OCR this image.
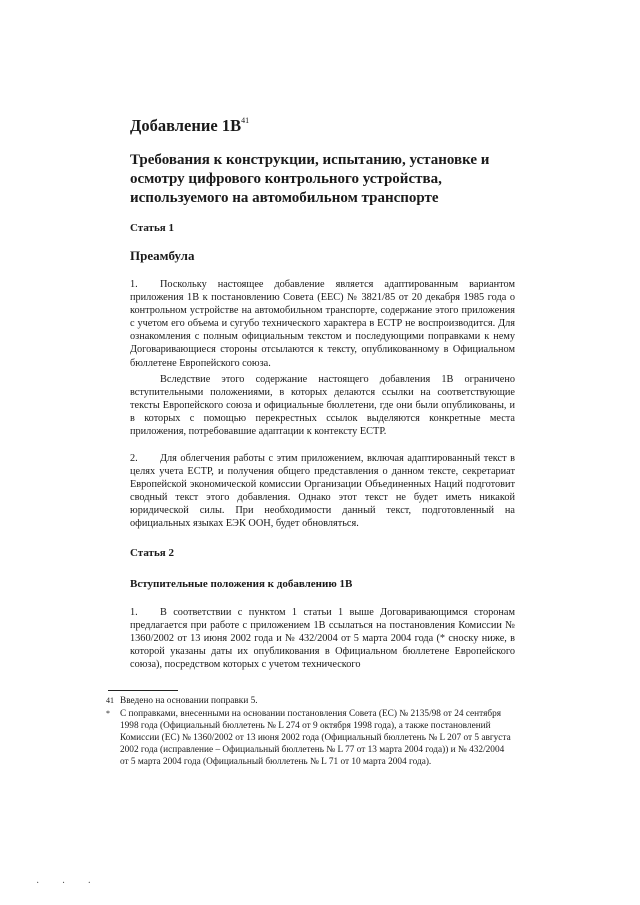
Добавление $1В^{41}$
Требования к конструкции, испытанию, установке и осмотру цифрового контрольного устройства, используемого на автомобильном транспорте
Статья 1
Преамбула
1. Поскольку настоящее добавление является адаптированным вариантом приложения 1В к постановлению Совета (ЕЕС) № 3821/85 от 20 декабря 1985 года о контрольном устройстве на автомобильном транспорте, содержание этого приложения с учетом его объема и сугубо технического характера в ЕСТР не воспроизводится. Для ознакомления с полным официальным текстом и последующими поправками к нему Договаривающиеся стороны отсылаются к тексту, опубликованному в Официальном бюллетене Европейского союза.
Вследствие этого содержание настоящего добавления 1В ограничено вступительными положениями, в которых делаются ссылки на соответствующие тексты Европейского союза и официальные бюллетени, где они были опубликованы, и в которых с помощью перекрестных ссылок выделяются конкретные места приложения, потребовавшие адаптации к контексту ЕСТР.
2. Для облегчения работы с этим приложением, включая адаптированный текст в целях учета ЕСТР, и получения общего представления о данном тексте, секретариат Европейской экономической комиссии Организации Объединенных Наций подготовит сводный текст этого добавления. Однако этот текст не будет иметь никакой юридической силы. При необходимости данный текст, подготовленный на официальных языках ЕЭК ООН, будет обновляться.
Статья 2
Вступительные положения к добавлению 1В
1. В соответствии с пунктом 1 статьи 1 выше Договаривающимся сторонам предлагается при работе с приложением 1В ссылаться на постановления Комиссии № 1360/2002 от 13 июня 2002 года и № 432/2004 от 5 марта 2004 года (* сноску ниже, в которой указаны даты их опубликования в Официальном бюллетене Европейского союза), посредством которых с учетом технического
41 Введено на основании поправки 5.
* С поправками, внесенными на основании постановления Совета (ЕС) № 2135/98 от 24 сентября 1998 года (Официальный бюллетень № L 274 от 9 октября 1998 года), а также постановлений Комиссии (ЕС) № 1360/2002 от 13 июня 2002 года (Официальный бюллетень № L 207 от 5 августа 2002 года (исправление – Официальный бюллетень № L 77 от 13 марта 2004 года)) и № 432/2004 от 5 марта 2004 года (Официальный бюллетень № L 71 от 10 марта 2004 года).
· · ·
